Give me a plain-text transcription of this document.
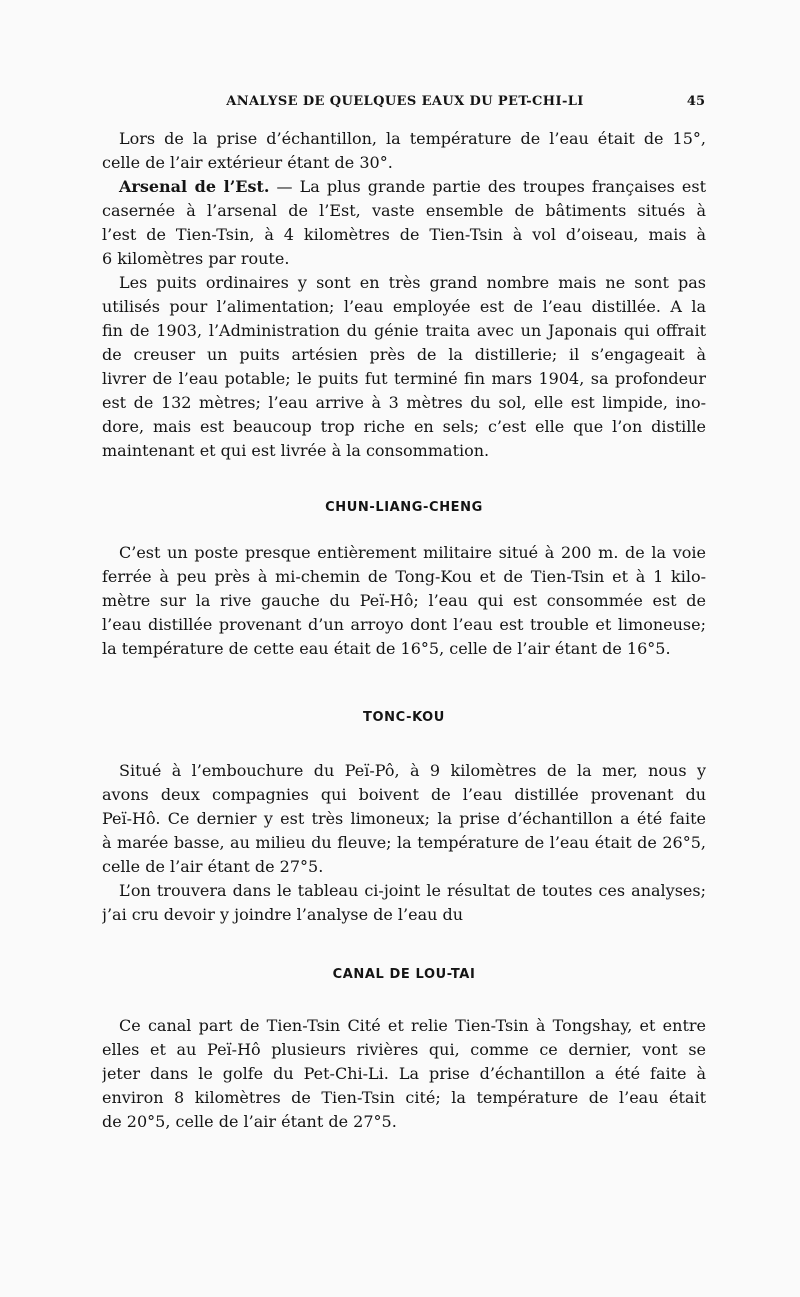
ANALYSE DE QUELQUES EAUX DU PET-CHI-LI	45
Lors de la prise d’échantillon, la température de l’eau était de 15°,
celle de l’air extérieur étant de 30°.
Arsenal de l’Est. — La plus grande partie des troupes françaises est
casernée à l’arsenal de l’Est, vaste ensemble de bâtiments situés à
l’est de Tien-Tsin, à 4 kilomètres de Tien-Tsin à vol d’oiseau, mais à
6 kilomètres par route.
Les puits ordinaires y sont en très grand nombre mais ne sont pas
utilisés pour l’alimentation; l’eau employée est de l’eau distillée. A la
fin de 1903, l’Administration du génie traita avec un Japonais qui offrait
de creuser un puits artésien près de la distillerie; il s’engageait à
livrer de l’eau potable; le puits fut terminé fin mars 1904, sa profondeur
est de 132 mètres; l’eau arrive à 3 mètres du sol, elle est limpide, ino-
dore, mais est beaucoup trop riche en sels; c’est elle que l’on distille
maintenant et qui est livrée à la consommation.
CHUN-LIANG-CHENG
C’est un poste presque entièrement militaire situé à 200 m. de la voie
ferrée à peu près à mi-chemin de Tong-Kou et de Tien-Tsin et à 1 kilo-
mètre sur la rive gauche du Peï-Hô; l’eau qui est consommée est de
l’eau distillée provenant d’un arroyo dont l’eau est trouble et limoneuse;
la température de cette eau était de 16°5, celle de l’air étant de 16°5.
TONC-KOU
Situé à l’embouchure du Peï-Pô, à 9 kilomètres de la mer, nous y
avons deux compagnies qui boivent de l’eau distillée provenant du
Peï-Hô. Ce dernier y est très limoneux; la prise d’échantillon a été faite
à marée basse, au milieu du fleuve; la température de l’eau était de 26°5,
celle de l’air étant de 27°5.
L’on trouvera dans le tableau ci-joint le résultat de toutes ces analyses;
j’ai cru devoir y joindre l’analyse de l’eau du
CANAL DE LOU-TAI
Ce canal part de Tien-Tsin Cité et relie Tien-Tsin à Tongshay, et entre
elles et au Peï-Hô plusieurs rivières qui, comme ce dernier, vont se
jeter dans le golfe du Pet-Chi-Li. La prise d’échantillon a été faite à
environ 8 kilomètres de Tien-Tsin cité; la température de l’eau était
de 20°5, celle de l’air étant de 27°5.
